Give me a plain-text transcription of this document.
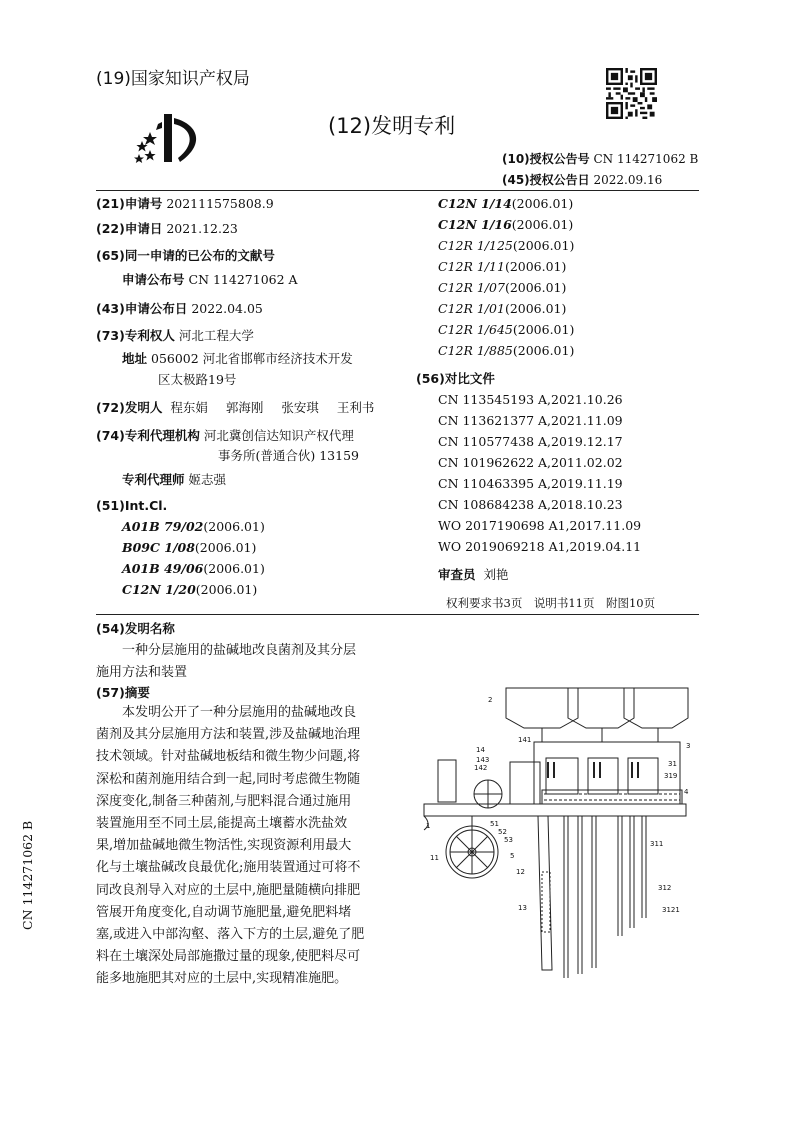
(19)国家知识产权局
(12)发明专利
(10)授权公告号 CN 114271062 B
(45)授权公告日 2022.09.16
(21)申请号 202111575808.9
(22)申请日 2021.12.23
(65)同一申请的已公布的文献号
申请公布号 CN 114271062 A
(43)申请公布日 2022.04.05
(73)专利权人 河北工程大学
地址 056002 河北省邯郸市经济技术开发
区太极路19号
(72)发明人 程东娟 郭海刚 张安琪 王利书
(74)专利代理机构 河北冀创信达知识产权代理
事务所(普通合伙) 13159
专利代理师 姬志强
(51)Int.Cl.
A01B 79/02(2006.01)
B09C 1/08(2006.01)
A01B 49/06(2006.01)
C12N 1/20(2006.01)
C12N 1/14(2006.01)
C12N 1/16(2006.01)
C12R 1/125(2006.01)
C12R 1/11(2006.01)
C12R 1/07(2006.01)
C12R 1/01(2006.01)
C12R 1/645(2006.01)
C12R 1/885(2006.01)
(56)对比文件
CN 113545193 A,2021.10.26
CN 113621377 A,2021.11.09
CN 110577438 A,2019.12.17
CN 101962622 A,2011.02.02
CN 110463395 A,2019.11.19
CN 108684238 A,2018.10.23
WO 2017190698 A1,2017.11.09
WO 2019069218 A1,2019.04.11
审查员 刘艳
权利要求书3页　说明书11页　附图10页
(54)发明名称
一种分层施用的盐碱地改良菌剂及其分层
施用方法和装置
(57)摘要
　　本发明公开了一种分层施用的盐碱地改良
菌剂及其分层施用方法和装置,涉及盐碱地治理
技术领域。针对盐碱地板结和微生物少问题,将
深松和菌剂施用结合到一起,同时考虑微生物随
深度变化,制备三种菌剂,与肥料混合通过施用
装置施用至不同土层,能提高土壤蓄水洗盐效
果,增加盐碱地微生物活性,实现资源利用最大
化与土壤盐碱改良最优化;施用装置通过可将不
同改良剂导入对应的土层中,施肥量随横向排肥
管展开角度变化,自动调节施肥量,避免肥料堵
塞,或进入中部沟壑、落入下方的土层,避免了肥
料在土壤深处局部施撒过量的现象,使肥料尽可
能多地施肥其对应的土层中,实现精准施肥。
CN 114271062 B
2
3
31
319
4
141
14
143
142
1	51
52
53
5
311
11
12
13
312
3121
